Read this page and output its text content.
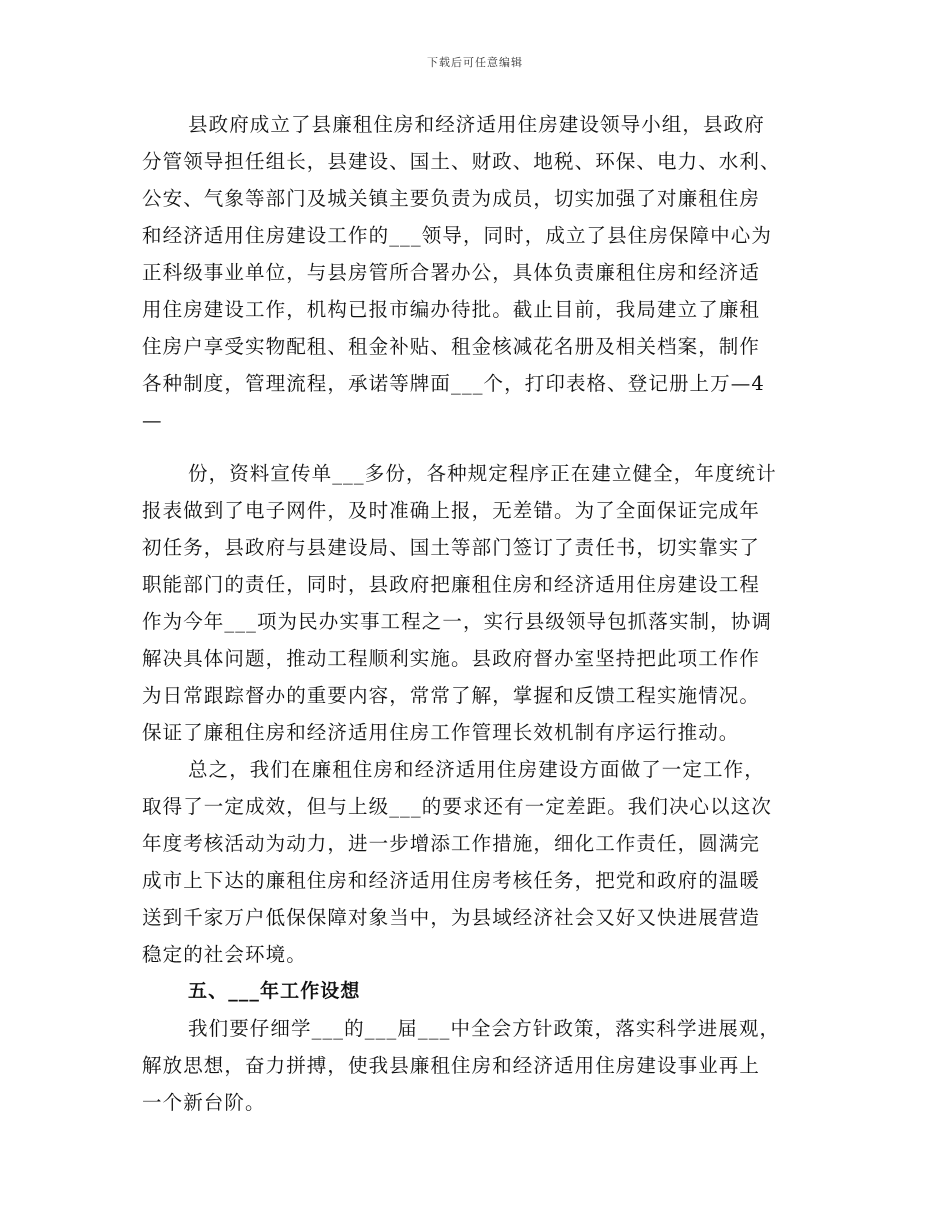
下载后可任意编辑
县政府成立了县廉租住房和经济适用住房建设领导小组，县政府
分管领导担任组长，县建设、国土、财政、地税、环保、电力、水利、
公安、气象等部门及城关镇主要负责为成员，切实加强了对廉租住房
和经济适用住房建设工作的___领导，同时，成立了县住房保障中心为
正科级事业单位，与县房管所合署办公，具体负责廉租住房和经济适
用住房建设工作，机构已报市编办待批。截止目前，我局建立了廉租
住房户享受实物配租、租金补贴、租金核减花名册及相关档案，制作
各种制度，管理流程，承诺等牌面___个，打印表格、登记册上万—4
—
份，资料宣传单___多份，各种规定程序正在建立健全，年度统计
报表做到了电子网件，及时准确上报，无差错。为了全面保证完成年
初任务，县政府与县建设局、国土等部门签订了责任书，切实靠实了
职能部门的责任，同时，县政府把廉租住房和经济适用住房建设工程
作为今年___项为民办实事工程之一，实行县级领导包抓落实制，协调
解决具体问题，推动工程顺利实施。县政府督办室坚持把此项工作作
为日常跟踪督办的重要内容，常常了解，掌握和反馈工程实施情况。
保证了廉租住房和经济适用住房工作管理长效机制有序运行推动。
总之，我们在廉租住房和经济适用住房建设方面做了一定工作，
取得了一定成效，但与上级___的要求还有一定差距。我们决心以这次
年度考核活动为动力，进一步增添工作措施，细化工作责任，圆满完
成市上下达的廉租住房和经济适用住房考核任务，把党和政府的温暖
送到千家万户低保保障对象当中，为县域经济社会又好又快进展营造
稳定的社会环境。
五、___年工作设想
我们要仔细学___的___届___中全会方针政策，落实科学进展观，
解放思想，奋力拼搏，使我县廉租住房和经济适用住房建设事业再上
一个新台阶。
